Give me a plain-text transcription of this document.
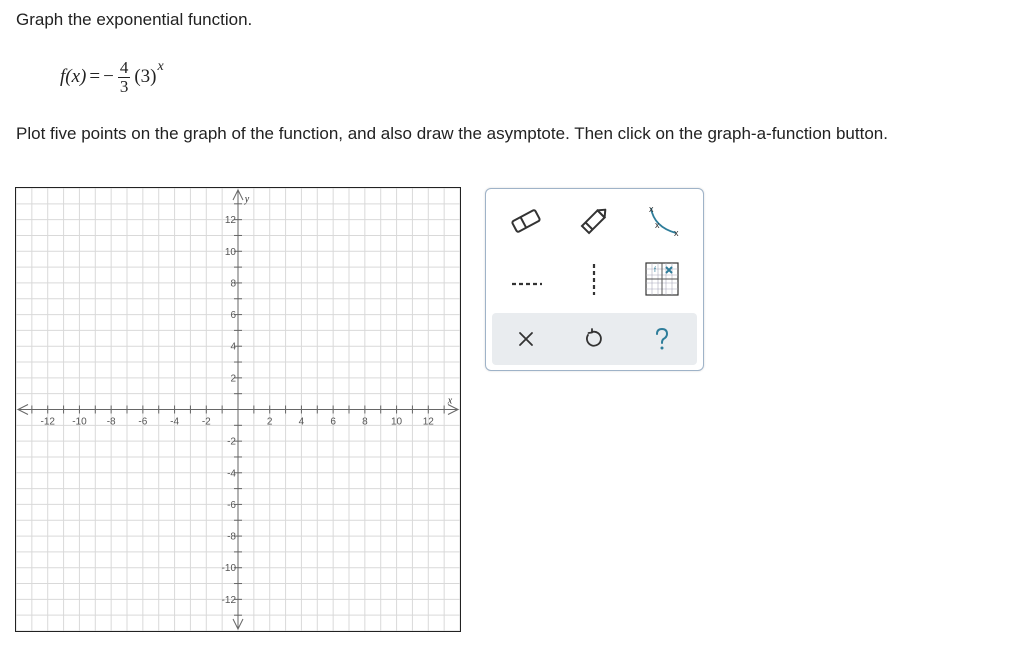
Graph the exponential function.
f(x) = − $\frac{4}{3} (3)$ x
Plot five points on the graph of the function, and also draw the asymptote. Then click on the graph-a-function button.
-12 -10 -8 -6 -4 -2	2	4	6	8 10 12
12
10
8
6
4
2
-2
-4
-6
-8
-10
-12
x
y
x
x
x
f
